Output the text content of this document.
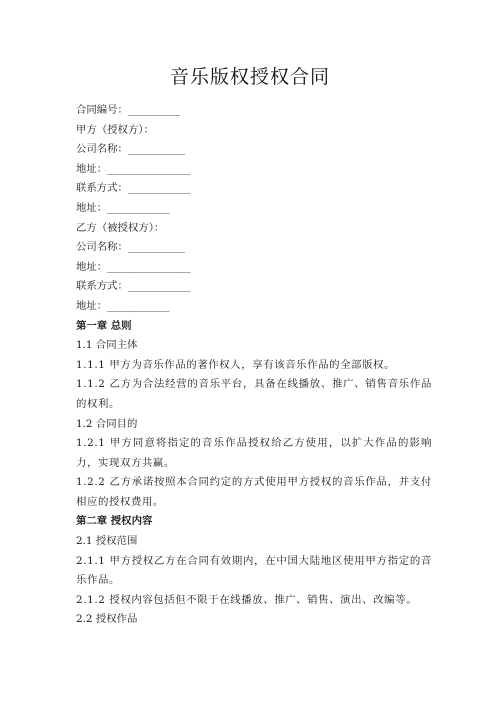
音乐版权授权合同
合同编号：__________
甲方（授权方）：
公司名称：___________
地址：________________
联系方式：____________
地址：____________
乙方（被授权方）：
公司名称：___________
地址：________________
联系方式：____________
地址：____________
第一章 总则
1.1 合同主体
1.1.1 甲方为音乐作品的著作权人，享有该音乐作品的全部版权。
1.1.2 乙方为合法经营的音乐平台，具备在线播放、推广、销售音乐作品的权利。
1.2 合同目的
1.2.1 甲方同意将指定的音乐作品授权给乙方使用，以扩大作品的影响力，实现双方共赢。
1.2.2 乙方承诺按照本合同约定的方式使用甲方授权的音乐作品，并支付相应的授权费用。
第二章 授权内容
2.1 授权范围
2.1.1 甲方授权乙方在合同有效期内，在中国大陆地区使用甲方指定的音乐作品。
2.1.2 授权内容包括但不限于在线播放、推广、销售、演出、改编等。
2.2 授权作品
